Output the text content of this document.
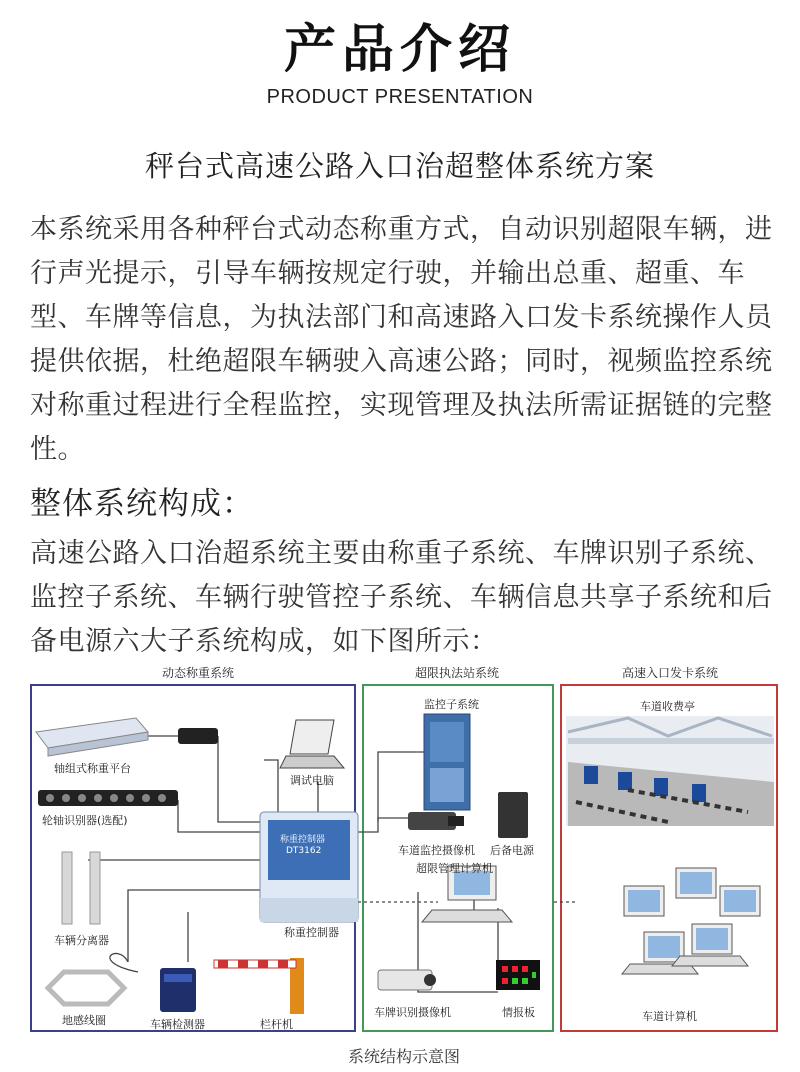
产品介绍
PRODUCT PRESENTATION
秤台式高速公路入口治超整体系统方案
本系统采用各种秤台式动态称重方式，自动识别超限车辆，进行声光提示，引导车辆按规定行驶，并输出总重、超重、车型、车牌等信息，为执法部门和高速路入口发卡系统操作人员提供依据，杜绝超限车辆驶入高速公路；同时，视频监控系统对称重过程进行全程监控，实现管理及执法所需证据链的完整性。
整体系统构成：
高速公路入口治超系统主要由称重子系统、车牌识别子系统、监控子系统、车辆行驶管控子系统、车辆信息共享子系统和后备电源六大子系统构成，如下图所示：
动态称重系统	超限执法站系统	高速入口发卡系统
轴组式称重平台
轮轴识别器(选配)
车辆分离器
地感线圈	车辆检测器	栏杆机
调试电脑
称重控制器
称重控制器
DT3162
监控子系统
车道监控摄像机 后备电源
超限管理计算机
车牌识别摄像机	情报板
车道收费亭
车道计算机
系统结构示意图
